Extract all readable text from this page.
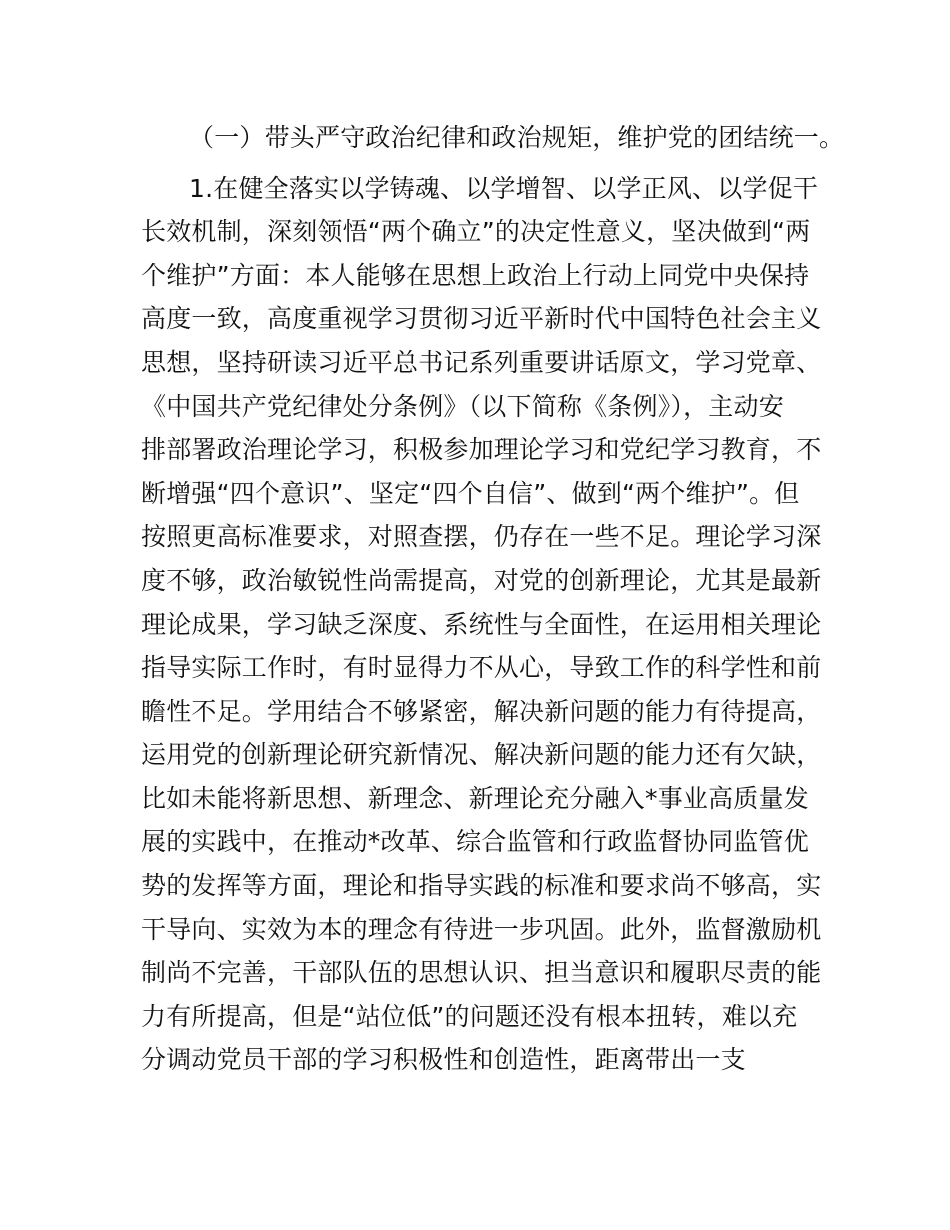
（一）带头严守政治纪律和政治规矩，维护党的团结统一。

1.在健全落实以学铸魂、以学增智、以学正风、以学促干

长效机制，深刻领悟“两个确立”的决定性意义，坚决做到“两

个维护”方面：本人能够在思想上政治上行动上同党中央保持

高度一致，高度重视学习贯彻习近平新时代中国特色社会主义

思想，坚持研读习近平总书记系列重要讲话原文，学习党章、

《中国共产党纪律处分条例》（以下简称《条例》），主动安

排部署政治理论学习，积极参加理论学习和党纪学习教育，不

断增强“四个意识”、坚定“四个自信”、做到“两个维护”。但

按照更高标准要求，对照查摆，仍存在一些不足。理论学习深

度不够，政治敏锐性尚需提高，对党的创新理论，尤其是最新

理论成果，学习缺乏深度、系统性与全面性，在运用相关理论

指导实际工作时，有时显得力不从心，导致工作的科学性和前

瞻性不足。学用结合不够紧密，解决新问题的能力有待提高，

运用党的创新理论研究新情况、解决新问题的能力还有欠缺，

比如未能将新思想、新理念、新理论充分融入*事业高质量发

展的实践中，在推动*改革、综合监管和行政监督协同监管优

势的发挥等方面，理论和指导实践的标准和要求尚不够高，实

干导向、实效为本的理念有待进一步巩固。此外，监督激励机

制尚不完善，干部队伍的思想认识、担当意识和履职尽责的能

力有所提高，但是“站位低”的问题还没有根本扭转，难以充

分调动党员干部的学习积极性和创造性，距离带出一支
